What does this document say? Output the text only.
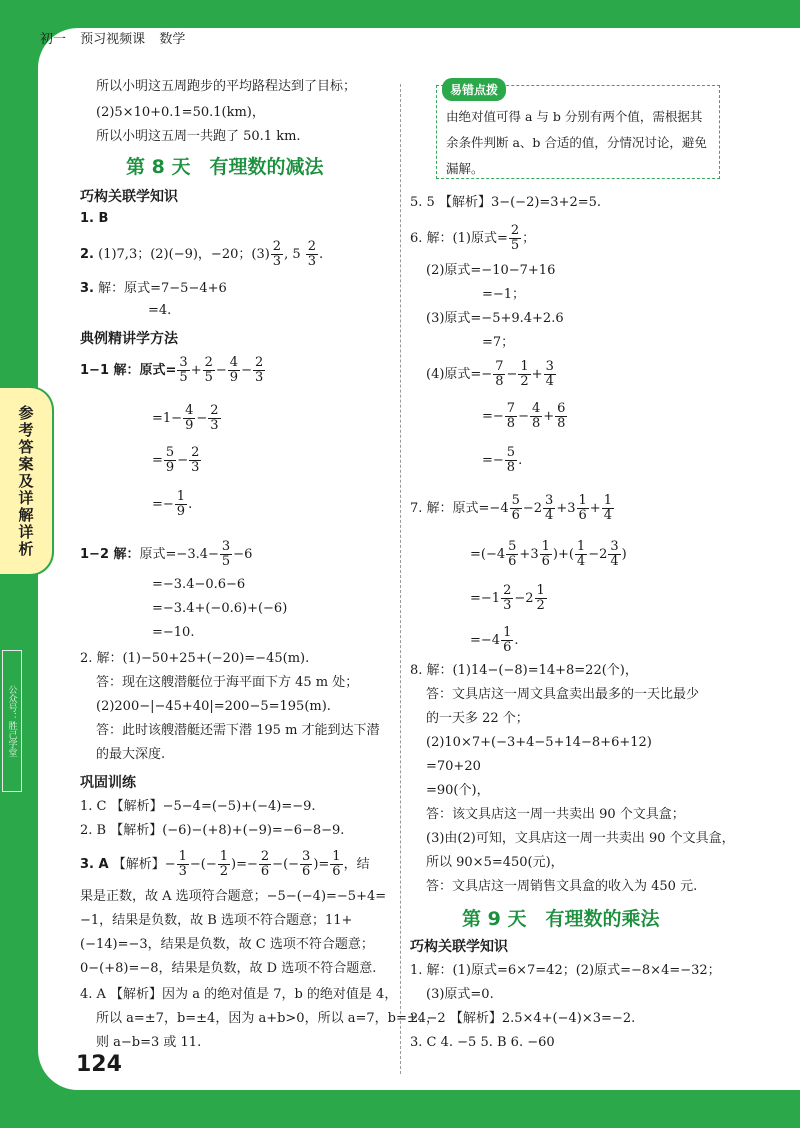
初一 预习视频课 数学
参考答案及详解详析
公众号：胜己学堂
所以小明这五周跑步的平均路程达到了目标；
(2)5×10+0.1=50.1(km)，
所以小明这五周一共跑了 50.1 km.
第 8 天　有理数的减法
巧构关联学知识
1. B
2. (1)7,3；(2)(−9)，−20；$(3) \frac{2}{3}$ , $5 \frac{2}{3}$ .
3. 解：原式=7−5−4+6
=4.
典例精讲学方法
1−1 解：原式= $\frac{3}{5} + \frac{2}{5} - \frac{4}{9} - \frac{2}{3}$
$=1- \frac{4}{9} - \frac{2}{3}$
= $\frac{5}{9} - \frac{2}{3}$
=− $\frac{1}{9}$ .
1−2 解：原式$=-3.4- \frac{3}{5} -6$
=−3.4−0.6−6
=−3.4+(−0.6)+(−6)
=−10.
2. 解：(1)−50+25+(−20)=−45(m).
答：现在这艘潜艇位于海平面下方 45 m 处；
(2)200−|−45+40|=200−5=195(m).
答：此时该艘潜艇还需下潜 195 m 才能到达下潜
的最大深度.
巩固训练
1. C 【解析】−5−4=(−5)+(−4)=−9.
2. B 【解析】(−6)−(+8)+(−9)=−6−8−9.
3. A 【解析】− $\frac{1}{3}$ −(− $\frac{1}{2}$ )=− $\frac{2}{6}$ −(− $\frac{3}{6}$ )= $\frac{1}{6}$ ，结
果是正数，故 A 选项符合题意；−5−(−4)=−5+4=
−1，结果是负数，故 B 选项不符合题意；11+
(−14)=−3，结果是负数，故 C 选项不符合题意；
0−(+8)=−8，结果是负数，故 D 选项不符合题意.
4. A 【解析】因为 a 的绝对值是 7，b 的绝对值是 4，
所以 a=±7，b=±4，因为 a+b>0，所以 a=7，b=±4，
则 a−b=3 或 11.
124
易错点拨
由绝对值可得 a 与 b 分别有两个值，需根据其余条件判断 a、b 合适的值，分情况讨论，避免漏解。
5. 5 【解析】3−(−2)=3+2=5.
6. 解：(1)原式= $\frac{2}{5}$ ；
(2)原式=−10−7+16
=−1；
(3)原式=−5+9.4+2.6
=7；
(4)原式=− $\frac{7}{8} - \frac{1}{2} + \frac{3}{4}$
=− $\frac{7}{8} - \frac{4}{8} + \frac{6}{8}$
=− $\frac{5}{8}$ .
7. 解：原式$=-4 \frac{5}{6} -2 \frac{3}{4} +3 \frac{1}{6} + \frac{1}{4}$
$=(-4 \frac{5}{6} +3 \frac{1}{6}$ )+( $\frac{1}{4} -2 \frac{3}{4}$ )
$=-1 \frac{2}{3} -2 \frac{1}{2}$
$=-4 \frac{1}{6}$ .
8. 解：(1)14−(−8)=14+8=22(个)，
答：文具店这一周文具盒卖出最多的一天比最少
的一天多 22 个；
(2)10×7+(−3+4−5+14−8+6+12)
=70+20
=90(个)，
答：该文具店这一周一共卖出 90 个文具盒；
(3)由(2)可知，文具店这一周一共卖出 90 个文具盒，
所以 90×5=450(元)，
答：文具店这一周销售文具盒的收入为 450 元.
第 9 天　有理数的乘法
巧构关联学知识
1. 解：(1)原式=6×7=42；(2)原式=−8×4=−32；
(3)原式=0.
2. −2 【解析】2.5×4+(−4)×3=−2.
3. C 4. −5 5. B 6. −60
